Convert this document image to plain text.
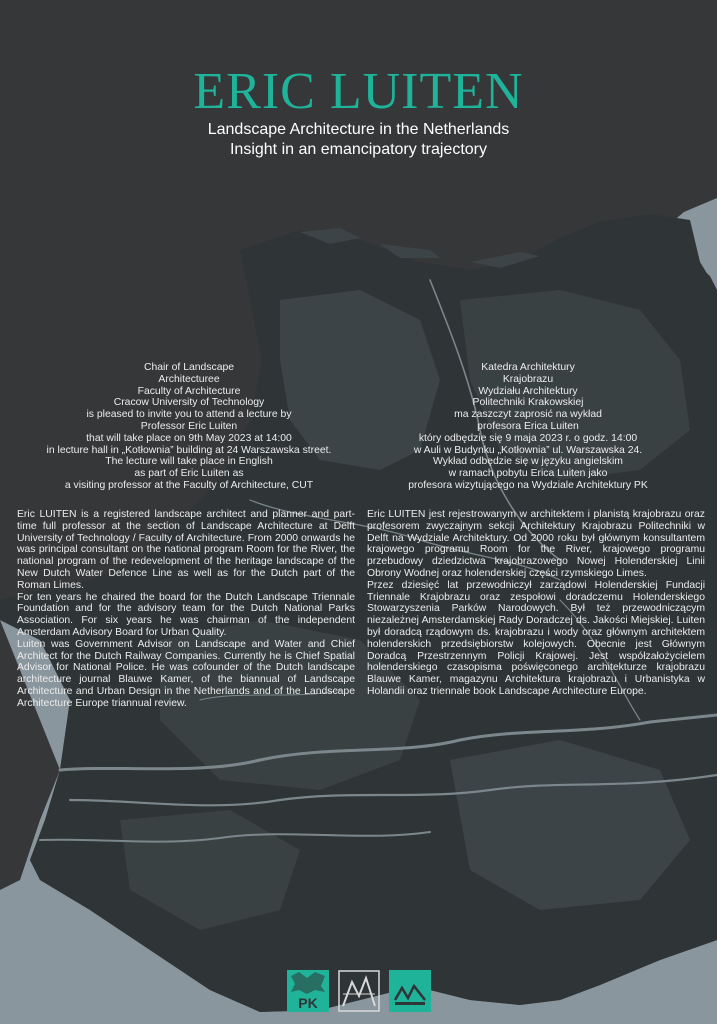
ERIC LUITEN
Landscape Architecture in the Netherlands
Insight in an emancipatory trajectory
Chair of Landscape
Architecturee
Faculty of Architecture
Cracow University of Technology
is pleased to invite you to attend a lecture by
Professor Eric Luiten
that will take place on 9th May 2023 at 14:00
in lecture hall in „Kotłownia” building at 24 Warszawska street.
The lecture will take place in English
as part of Eric Luiten as
a visiting professor at the Faculty of Architecture, CUT
Katedra Architektury
Krajobrazu
Wydziału Architektury
Politechniki Krakowskiej
ma zaszczyt zaprosić na wykład
profesora Erica Luiten
który odbędzie się 9 maja 2023 r. o godz. 14:00
w Auli w Budynku „Kotłownia” ul. Warszawska 24.
Wykład odbędzie się w języku angielskim
w ramach pobytu Erica Luiten jako
profesora wizytującego na Wydziale Architektury PK

Eric LUITEN is a registered landscape architect and planner and part-time full professor at the section of Landscape Architecture at Delft University of Technology / Faculty of Architecture. From 2000 onwards he was principal consultant on the national program Room for the River, the national program of the redevelopment of the heritage landscape of the New Dutch Water Defence Line as well as for the Dutch part of the Roman Limes.

For ten years he chaired the board for the Dutch Landscape Triennale Foundation and for the advisory team for the Dutch National Parks Association. For six years he was chairman of the independent Amsterdam Advisory Board for Urban Quality.

Luiten was Government Advisor on Landscape and Water and Chief Architect for the Dutch Railway Companies. Currently he is Chief Spatial Advisor for National Police. He was cofounder of the Dutch landscape architecture journal Blauwe Kamer, of the biannual of Landscape Architecture and Urban Design in the Netherlands and of the Landscape Architecture Europe triannual review.

Eric LUITEN jest rejestrowanym w architektem i planistą krajobrazu oraz profesorem zwyczajnym sekcji Architektury Krajobrazu Politechniki w Delft na Wydziale Architektury. Od 2000 roku był głównym konsultantem krajowego programu Room for the River, krajowego programu przebudowy dziedzictwa krajobrazowego Nowej Holenderskiej Linii Obrony Wodnej oraz holenderskiej części rzymskiego Limes.

Przez dziesięć lat przewodniczył zarządowi Holenderskiej Fundacji Triennale Krajobrazu oraz zespołowi doradczemu Holenderskiego Stowarzyszenia Parków Narodowych. Był też przewodniczącym niezależnej Amsterdamskiej Rady Doradczej ds. Jakości Miejskiej. Luiten był doradcą rządowym ds. krajobrazu i wody oraz głównym architektem holenderskich przedsiębiorstw kolejowych. Obecnie jest Głównym Doradcą Przestrzennym Policji Krajowej. Jest współzałożycielem holenderskiego czasopisma poświęconego architekturze krajobrazu Blauwe Kamer, magazynu Architektura krajobrazu i Urbanistyka w Holandii oraz triennale book Landscape Architecture Europe.

PK
